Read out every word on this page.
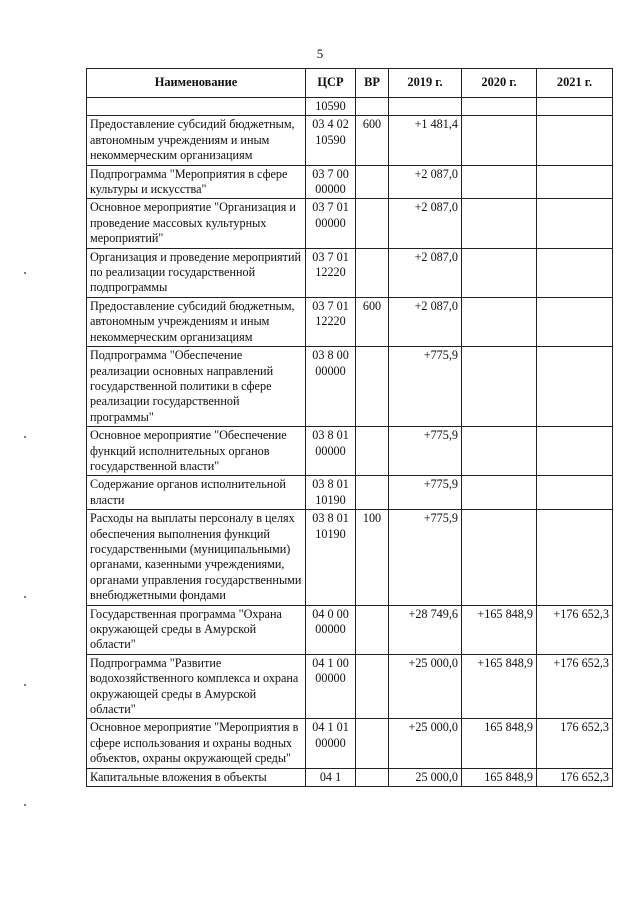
5
Наименование	ЦСР	ВР	2019 г.	2020 г.	2021 г.
	10590				
Предоставление субсидий бюджетным, автономным учреждениям и иным некоммерческим организациям	03 4 02 10590	600	+1 481,4		
Подпрограмма "Мероприятия в сфере культуры и искусства"	03 7 00 00000		+2 087,0		
Основное мероприятие "Организация и проведение массовых культурных мероприятий"	03 7 01 00000		+2 087,0		
Организация и проведение мероприятий по реализации государственной подпрограммы	03 7 01 12220		+2 087,0		
Предоставление субсидий бюджетным, автономным учреждениям и иным некоммерческим организациям	03 7 01 12220	600	+2 087,0		
Подпрограмма "Обеспечение реализации основных направлений государственной политики в сфере реализации государственной программы"	03 8 00 00000		+775,9		
Основное мероприятие "Обеспечение функций исполнительных органов государственной власти"	03 8 01 00000		+775,9		
Содержание органов исполнительной власти	03 8 01 10190		+775,9		
Расходы на выплаты персоналу в целях обеспечения выполнения функций государственными (муниципальными) органами, казенными учреждениями, органами управления государственными внебюджетными фондами	03 8 01 10190	100	+775,9		
Государственная программа "Охрана окружающей среды в Амурской области"	04 0 00 00000		+28 749,6	+165 848,9	+176 652,3
Подпрограмма "Развитие водохозяйственного комплекса и охрана окружающей среды в Амурской области"	04 1 00 00000		+25 000,0	+165 848,9	+176 652,3
Основное мероприятие "Мероприятия в сфере использования и охраны водных объектов, охраны окружающей среды"	04 1 01 00000		+25 000,0	165 848,9	176 652,3
Капитальные вложения в объекты	04 1		25 000,0	165 848,9	176 652,3
